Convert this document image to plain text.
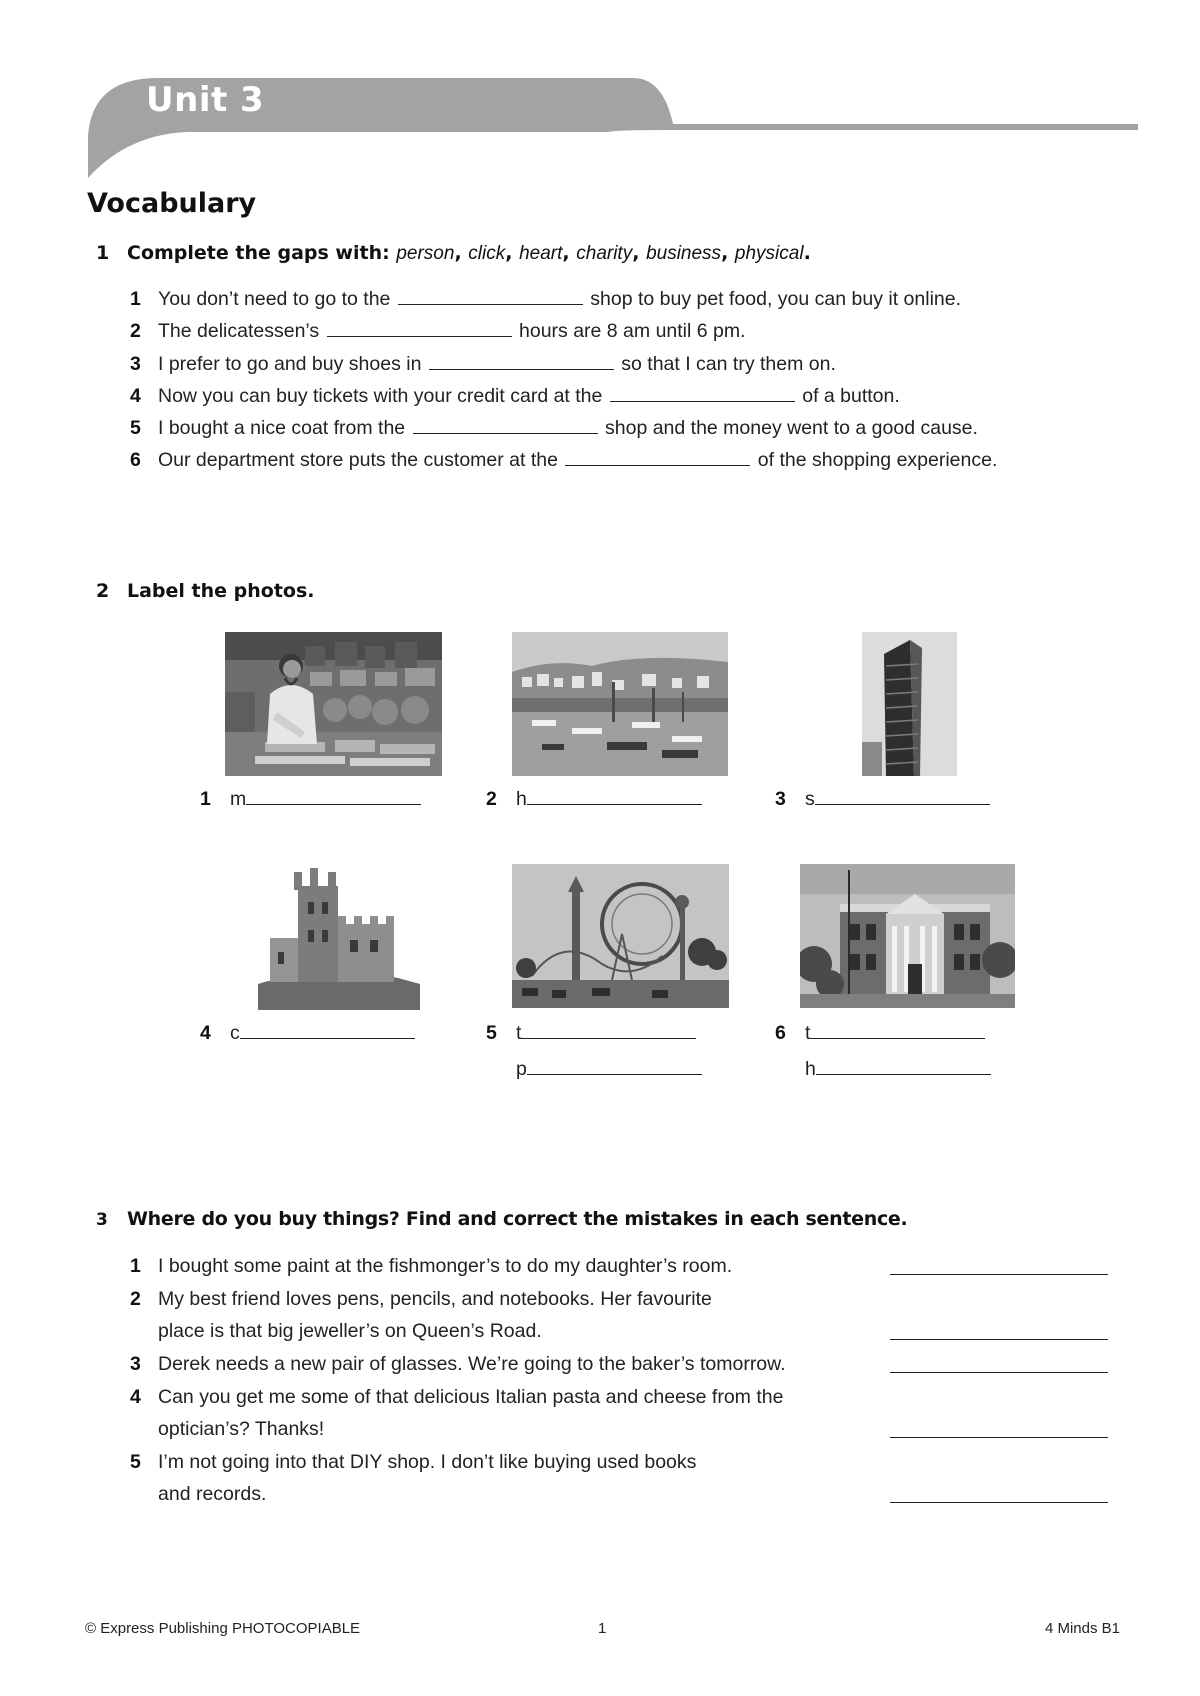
Unit 3
Vocabulary
1 Complete the gaps with: person, click, heart, charity, business, physical.
1 You don’t need to go to the	shop to buy pet food, you can buy it online.
2 The delicatessen’s	hours are 8 am until 6 pm.
3 I prefer to go and buy shoes in	so that I can try them on.
4 Now you can buy tickets with your credit card at the	of a button.
5 I bought a nice coat from the	shop and the money went to a good cause.
6 Our department store puts the customer at the	of the shopping experience.
2 Label the photos.
1 m	2 h	3 s
4 c	5 t
p
6 t
h
3 Where do you buy things? Find and correct the mistakes in each sentence.
1 I bought some paint at the fishmonger’s to do my daughter’s room.
2 My best friend loves pens, pencils, and notebooks. Her favourite
place is that big jeweller’s on Queen’s Road.
3 Derek needs a new pair of glasses. We’re going to the baker’s tomorrow.
4 Can you get me some of that delicious Italian pasta and cheese from the
optician’s? Thanks!
5 I’m not going into that DIY shop. I don’t like buying used books
and records.
© Express Publishing PHOTOCOPIABLE	1	4 Minds B1
